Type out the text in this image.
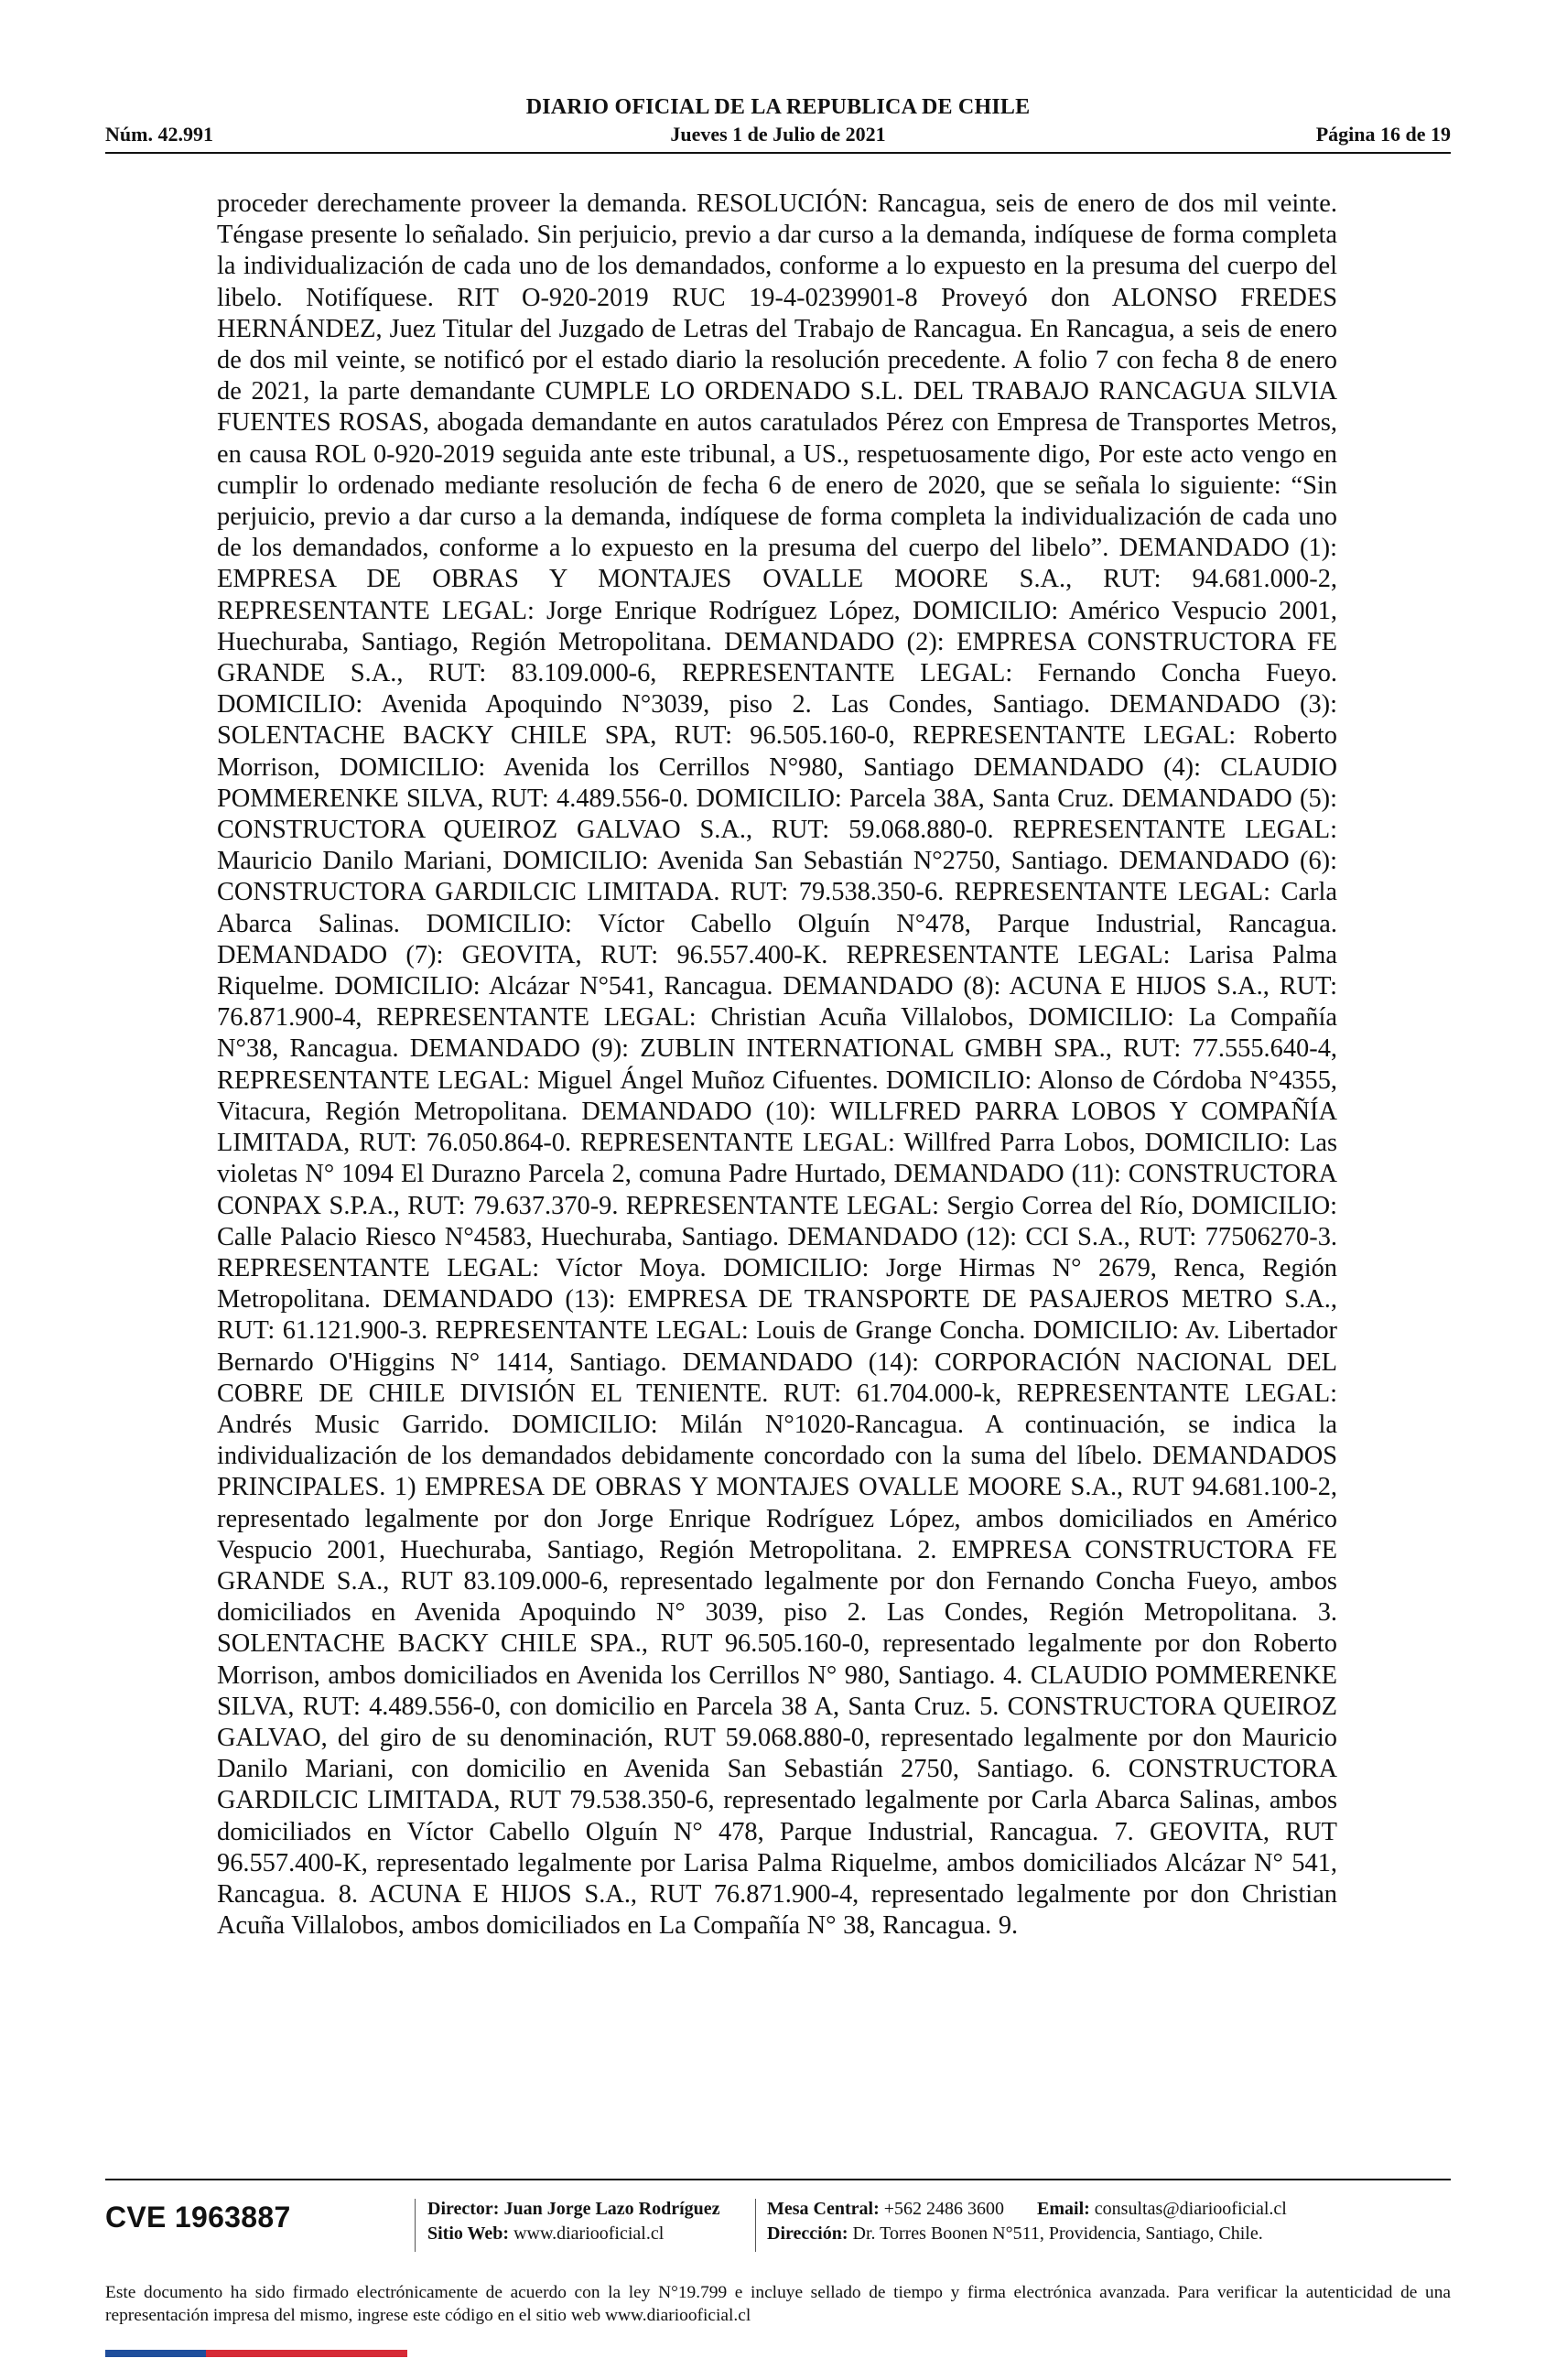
DIARIO OFICIAL DE LA REPUBLICA DE CHILE
Núm. 42.991	Jueves 1 de Julio de 2021	Página 16 de 19
proceder derechamente proveer la demanda. RESOLUCIÓN: Rancagua, seis de enero de dos mil veinte. Téngase presente lo señalado. Sin perjuicio, previo a dar curso a la demanda, indíquese de forma completa la individualización de cada uno de los demandados, conforme a lo expuesto en la presuma del cuerpo del libelo. Notifíquese. RIT O-920-2019 RUC 19-4-0239901-8 Proveyó don ALONSO FREDES HERNÁNDEZ, Juez Titular del Juzgado de Letras del Trabajo de Rancagua. En Rancagua, a seis de enero de dos mil veinte, se notificó por el estado diario la resolución precedente. A folio 7 con fecha 8 de enero de 2021, la parte demandante CUMPLE LO ORDENADO S.L. DEL TRABAJO RANCAGUA SILVIA FUENTES ROSAS, abogada demandante en autos caratulados Pérez con Empresa de Transportes Metros, en causa ROL 0-920-2019 seguida ante este tribunal, a US., respetuosamente digo, Por este acto vengo en cumplir lo ordenado mediante resolución de fecha 6 de enero de 2020, que se señala lo siguiente: “Sin perjuicio, previo a dar curso a la demanda, indíquese de forma completa la individualización de cada uno de los demandados, conforme a lo expuesto en la presuma del cuerpo del libelo”. DEMANDADO (1): EMPRESA DE OBRAS Y MONTAJES OVALLE MOORE S.A., RUT: 94.681.000-2, REPRESENTANTE LEGAL: Jorge Enrique Rodríguez López, DOMICILIO: Américo Vespucio 2001, Huechuraba, Santiago, Región Metropolitana. DEMANDADO (2): EMPRESA CONSTRUCTORA FE GRANDE S.A., RUT: 83.109.000-6, REPRESENTANTE LEGAL: Fernando Concha Fueyo. DOMICILIO: Avenida Apoquindo N°3039, piso 2. Las Condes, Santiago. DEMANDADO (3): SOLENTACHE BACKY CHILE SPA, RUT: 96.505.160-0, REPRESENTANTE LEGAL: Roberto Morrison, DOMICILIO: Avenida los Cerrillos N°980, Santiago DEMANDADO (4): CLAUDIO POMMERENKE SILVA, RUT: 4.489.556-0. DOMICILIO: Parcela 38A, Santa Cruz. DEMANDADO (5): CONSTRUCTORA QUEIROZ GALVAO S.A., RUT: 59.068.880-0. REPRESENTANTE LEGAL: Mauricio Danilo Mariani, DOMICILIO: Avenida San Sebastián N°2750, Santiago. DEMANDADO (6): CONSTRUCTORA GARDILCIC LIMITADA. RUT: 79.538.350-6. REPRESENTANTE LEGAL: Carla Abarca Salinas. DOMICILIO: Víctor Cabello Olguín N°478, Parque Industrial, Rancagua. DEMANDADO (7): GEOVITA, RUT: 96.557.400-K. REPRESENTANTE LEGAL: Larisa Palma Riquelme. DOMICILIO: Alcázar N°541, Rancagua. DEMANDADO (8): ACUNA E HIJOS S.A., RUT: 76.871.900-4, REPRESENTANTE LEGAL: Christian Acuña Villalobos, DOMICILIO: La Compañía N°38, Rancagua. DEMANDADO (9): ZUBLIN INTERNATIONAL GMBH SPA., RUT: 77.555.640-4, REPRESENTANTE LEGAL: Miguel Ángel Muñoz Cifuentes. DOMICILIO: Alonso de Córdoba N°4355, Vitacura, Región Metropolitana. DEMANDADO (10): WILLFRED PARRA LOBOS Y COMPAÑÍA LIMITADA, RUT: 76.050.864-0. REPRESENTANTE LEGAL: Willfred Parra Lobos, DOMICILIO: Las violetas N° 1094 El Durazno Parcela 2, comuna Padre Hurtado, DEMANDADO (11): CONSTRUCTORA CONPAX S.P.A., RUT: 79.637.370-9. REPRESENTANTE LEGAL: Sergio Correa del Río, DOMICILIO: Calle Palacio Riesco N°4583, Huechuraba, Santiago. DEMANDADO (12): CCI S.A., RUT: 77506270-3. REPRESENTANTE LEGAL: Víctor Moya. DOMICILIO: Jorge Hirmas N° 2679, Renca, Región Metropolitana. DEMANDADO (13): EMPRESA DE TRANSPORTE DE PASAJEROS METRO S.A., RUT: 61.121.900-3. REPRESENTANTE LEGAL: Louis de Grange Concha. DOMICILIO: Av. Libertador Bernardo O'Higgins N° 1414, Santiago. DEMANDADO (14): CORPORACIÓN NACIONAL DEL COBRE DE CHILE DIVISIÓN EL TENIENTE. RUT: 61.704.000-k, REPRESENTANTE LEGAL: Andrés Music Garrido. DOMICILIO: Milán N°1020-Rancagua. A continuación, se indica la individualización de los demandados debidamente concordado con la suma del líbelo. DEMANDADOS PRINCIPALES. 1) EMPRESA DE OBRAS Y MONTAJES OVALLE MOORE S.A., RUT 94.681.100-2, representado legalmente por don Jorge Enrique Rodríguez López, ambos domiciliados en Américo Vespucio 2001, Huechuraba, Santiago, Región Metropolitana. 2. EMPRESA CONSTRUCTORA FE GRANDE S.A., RUT 83.109.000-6, representado legalmente por don Fernando Concha Fueyo, ambos domiciliados en Avenida Apoquindo N° 3039, piso 2. Las Condes, Región Metropolitana. 3. SOLENTACHE BACKY CHILE SPA., RUT 96.505.160-0, representado legalmente por don Roberto Morrison, ambos domiciliados en Avenida los Cerrillos N° 980, Santiago. 4. CLAUDIO POMMERENKE SILVA, RUT: 4.489.556-0, con domicilio en Parcela 38 A, Santa Cruz. 5. CONSTRUCTORA QUEIROZ GALVAO, del giro de su denominación, RUT 59.068.880-0, representado legalmente por don Mauricio Danilo Mariani, con domicilio en Avenida San Sebastián 2750, Santiago. 6. CONSTRUCTORA GARDILCIC LIMITADA, RUT 79.538.350-6, representado legalmente por Carla Abarca Salinas, ambos domiciliados en Víctor Cabello Olguín N° 478, Parque Industrial, Rancagua. 7. GEOVITA, RUT 96.557.400-K, representado legalmente por Larisa Palma Riquelme, ambos domiciliados Alcázar N° 541, Rancagua. 8. ACUNA E HIJOS S.A., RUT 76.871.900-4, representado legalmente por don Christian Acuña Villalobos, ambos domiciliados en La Compañía N° 38, Rancagua. 9.
CVE 1963887	Director: Juan Jorge Lazo Rodríguez
Sitio Web: www.diariooficial.cl
Mesa Central: +562 2486 3600 Email: consultas@diariooficial.cl
Dirección: Dr. Torres Boonen N°511, Providencia, Santiago, Chile.
Este documento ha sido firmado electrónicamente de acuerdo con la ley N°19.799 e incluye sellado de tiempo y firma electrónica avanzada. Para verificar la autenticidad de una representación impresa del mismo, ingrese este código en el sitio web www.diariooficial.cl
